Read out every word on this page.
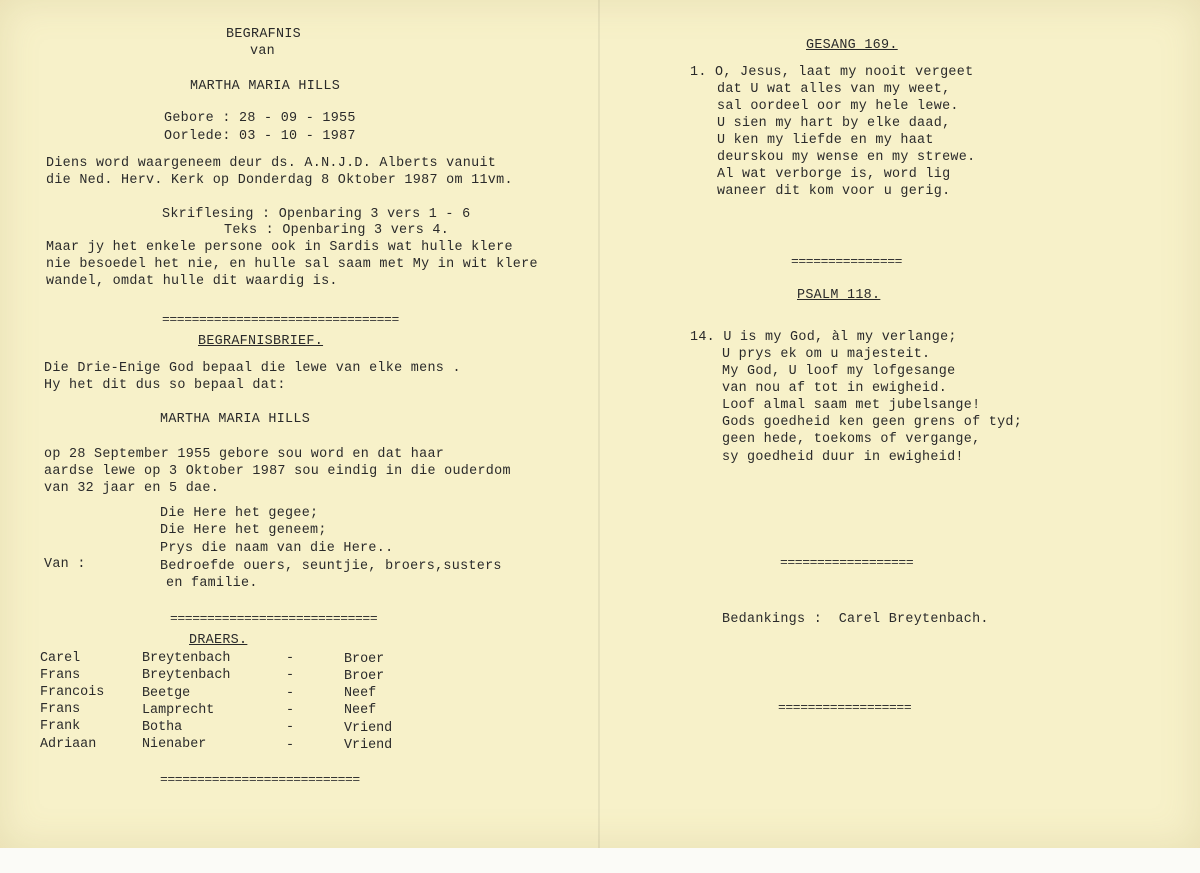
BEGRAFNIS
van
MARTHA MARIA HILLS
Gebore : 28 - 09 - 1955
Oorlede: 03 - 10 - 1987
Diens word waargeneem deur ds. A.N.J.D. Alberts vanuit
die Ned. Herv. Kerk op Donderdag 8 Oktober 1987 om 11vm.
Skriflesing : Openbaring 3 vers 1 - 6
Teks : Openbaring 3 vers 4.
Maar jy het enkele persone ook in Sardis wat hulle klere
nie besoedel het nie, en hulle sal saam met My in wit klere
wandel, omdat hulle dit waardig is.
================================
BEGRAFNISBRIEF.
Die Drie-Enige God bepaal die lewe van elke mens .
Hy het dit dus so bepaal dat:
MARTHA MARIA HILLS
op 28 September 1955 gebore sou word en dat haar
aardse lewe op 3 Oktober 1987 sou eindig in die ouderdom
van 32 jaar en 5 dae.
Die Here het gegee;
Die Here het geneem;
Prys die naam van die Here..
Van :	Bedroefde ouers, seuntjie, broers,susters
en familie.
============================
DRAERS.
Carel	Breytenbach	-	Broer
Frans	Breytenbach	-	Broer
Francois	Beetge	-	Neef
Frans	Lamprecht	-	Neef
Frank	Botha	-	Vriend
Adriaan	Nienaber	-	Vriend
===========================
GESANG 169.
1. O, Jesus, laat my nooit vergeet
dat U wat alles van my weet,
sal oordeel oor my hele lewe.
U sien my hart by elke daad,
U ken my liefde en my haat
deurskou my wense en my strewe.
Al wat verborge is, word lig
waneer dit kom voor u gerig.
===============
PSALM 118.
14. U is my God, àl my verlange;
U prys ek om u majesteit.
My God, U loof my lofgesange
van nou af tot in ewigheid.
Loof almal saam met jubelsange!
Gods goedheid ken geen grens of tyd;
geen hede, toekoms of vergange,
sy goedheid duur in ewigheid!
==================
Bedankings :  Carel Breytenbach.
==================
